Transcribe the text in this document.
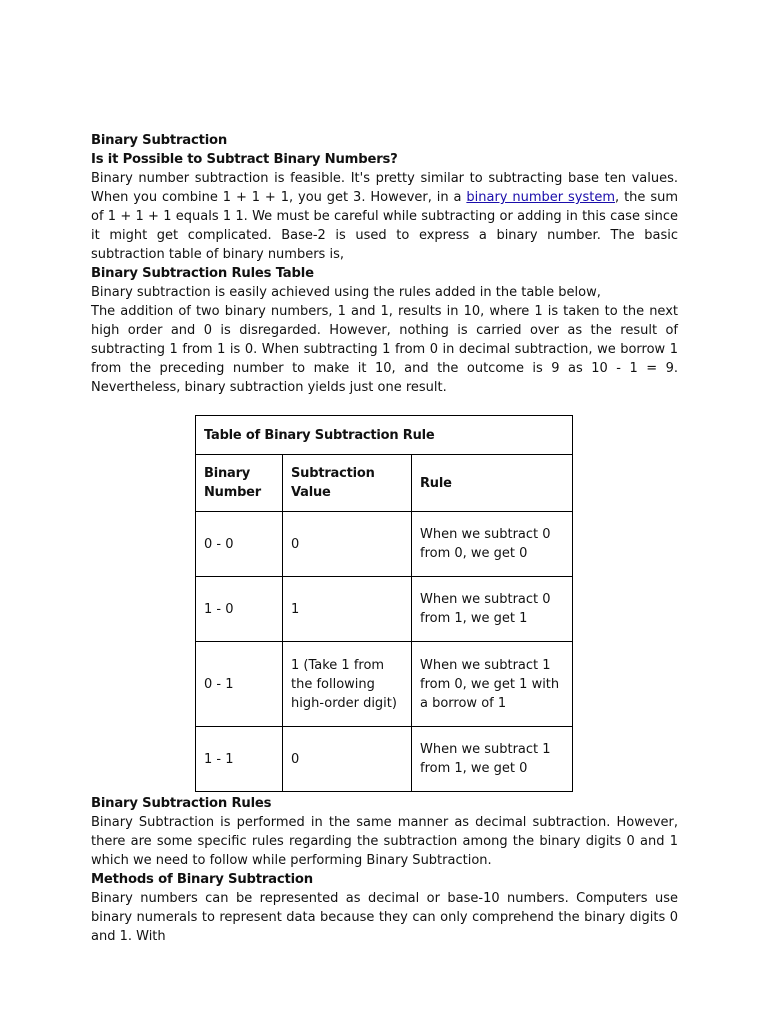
Binary Subtraction
Is it Possible to Subtract Binary Numbers?

Binary number subtraction is feasible. It's pretty similar to subtracting base ten values. When you combine 1 + 1 + 1, you get 3. However, in a binary number system, the sum of 1 + 1 + 1 equals 1 1. We must be careful while subtracting or adding in this case since it might get complicated. Base-2 is used to express a binary number. The basic subtraction table of binary numbers is,

Binary Subtraction Rules Table

Binary subtraction is easily achieved using the rules added in the table below,

The addition of two binary numbers, 1 and 1, results in 10, where 1 is taken to the next high order and 0 is disregarded. However, nothing is carried over as the result of subtracting 1 from 1 is 0. When subtracting 1 from 0 in decimal subtraction, we borrow 1 from the preceding number to make it 10, and the outcome is 9 as 10 - 1 = 9. Nevertheless, binary subtraction yields just one result.

Table of Binary Subtraction Rule		
Binary Number	Subtraction Value	Rule
0 - 0	0	When we subtract 0 from 0, we get 0
1 - 0	1	When we subtract 0 from 1, we get 1
0 - 1	1 (Take 1 from the following high-order digit)	When we subtract 1 from 0, we get 1 with a borrow of 1
1 - 1	0	When we subtract 1 from 1, we get 0
Binary Subtraction Rules

Binary Subtraction is performed in the same manner as decimal subtraction. However, there are some specific rules regarding the subtraction among the binary digits 0 and 1 which we need to follow while performing Binary Subtraction.

Methods of Binary Subtraction

Binary numbers can be represented as decimal or base-10 numbers. Computers use binary numerals to represent data because they can only comprehend the binary digits 0 and 1. With
